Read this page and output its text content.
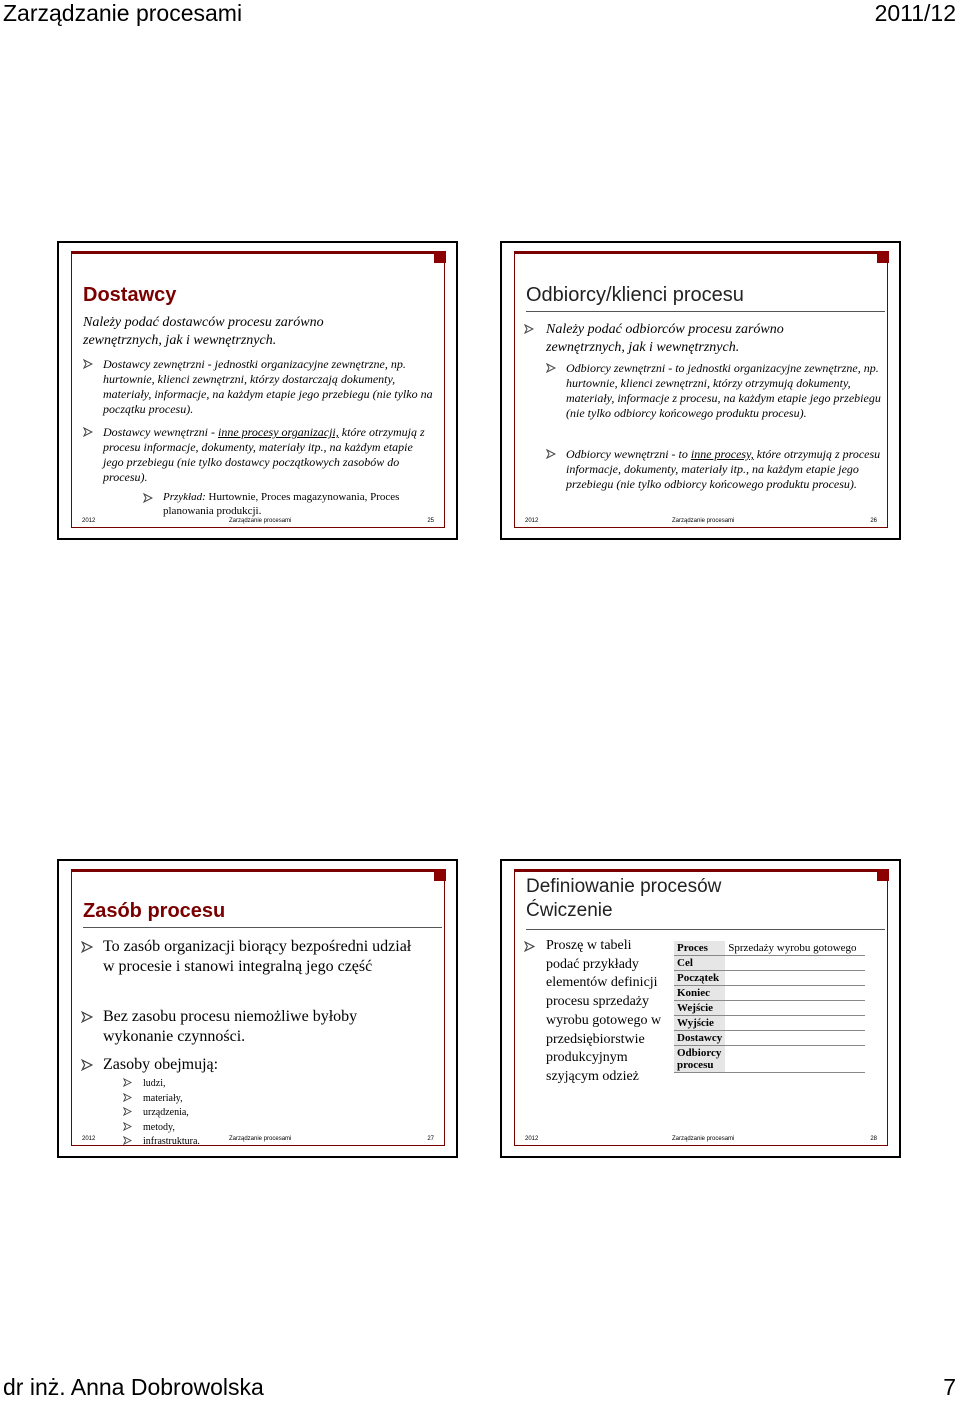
Zarządzanie procesami	2011/12
Dostawcy
Należy podać dostawców procesu zarówno zewnętrznych, jak i wewnętrznych.
Dostawcy zewnętrzni - jednostki organizacyjne zewnętrzne, np. hurtownie, klienci zewnętrzni, którzy dostarczają dokumenty, materiały, informacje, na każdym etapie jego przebiegu (nie tylko na początku procesu).
Dostawcy wewnętrzni - inne procesy organizacji, które otrzymują z procesu informacje, dokumenty, materiały itp., na każdym etapie jego przebiegu (nie tylko dostawcy początkowych zasobów do procesu).
Przykład: Hurtownie, Proces magazynowania, Proces planowania produkcji.
2012	Zarządzanie procesami	25
Odbiorcy/klienci procesu
Należy podać odbiorców procesu zarówno zewnętrznych, jak i wewnętrznych.
Odbiorcy zewnętrzni - to jednostki organizacyjne zewnętrzne, np. hurtownie, klienci zewnętrzni, którzy otrzymują dokumenty, materiały, informacje z procesu, na każdym etapie jego przebiegu (nie tylko odbiorcy końcowego produktu procesu).
Odbiorcy wewnętrzni - to inne procesy, które otrzymują z procesu informacje, dokumenty, materiały itp., na każdym etapie jego przebiegu (nie tylko odbiorcy końcowego produktu procesu).
2012	Zarządzanie procesami	26
Zasób procesu
To zasób organizacji biorący bezpośredni udział w procesie i stanowi integralną jego część
Bez zasobu procesu niemożliwe byłoby wykonanie czynności.
Zasoby obejmują:
ludzi,
materiały,
urządzenia,
metody,
infrastruktura.
2012	Zarządzanie procesami	27
Definiowanie procesów
Ćwiczenie
Proszę w tabeli podać przykłady elementów definicji procesu sprzedaży wyrobu gotowego w przedsiębiorstwie produkcyjnym szyjącym odzież
Proces	Sprzedaży wyrobu gotowego
Cel	
Początek	
Koniec	
Wejście	
Wyjście	
Dostawcy	
Odbiorcy procesu	
2012	Zarządzanie procesami	28
dr inż. Anna Dobrowolska	7
